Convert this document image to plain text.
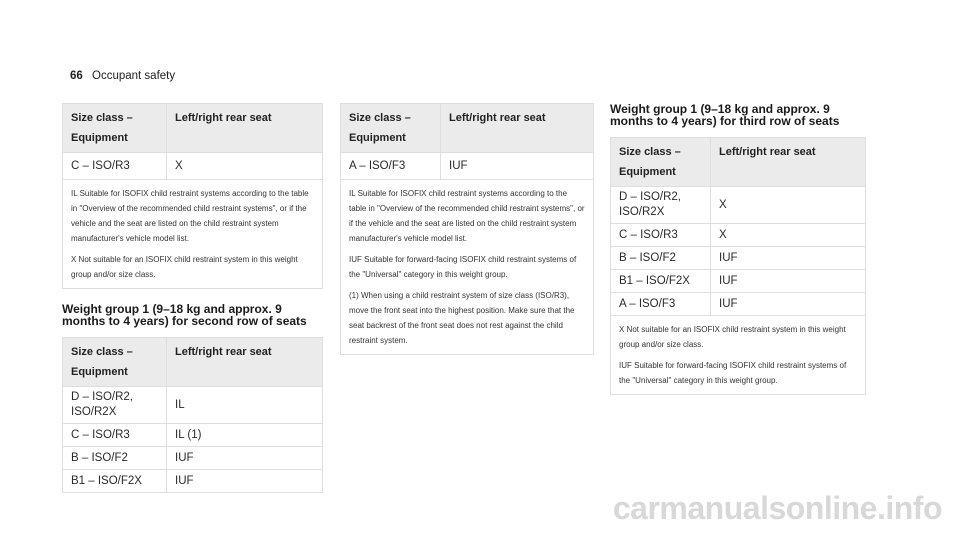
66 Occupant safety
Size class –
Equipment	Left/right rear seat
C – ISO/R3	X

IL Suitable for ISOFIX child restraint systems according to the table in "Overview of the recommended child restraint systems", or if the vehicle and the seat are listed on the child restraint system manufacturer's vehicle model list.

X Not suitable for an ISOFIX child restraint system in this weight group and/or size class.	

Weight group 1 (9–18 kg and approx. 9 months to 4 years) for second row of seats
Size class –
Equipment	Left/right rear seat
D – ISO/R2,
ISO/R2X	IL
C – ISO/R3	IL (1)
B – ISO/F2	IUF
B1 – ISO/F2X	IUF
Size class –
Equipment	Left/right rear seat
A – ISO/F3	IUF

IL Suitable for ISOFIX child restraint systems according to the table in "Overview of the recommended child restraint systems", or if the vehicle and the seat are listed on the child restraint system manufacturer's vehicle model list.

IUF Suitable for forward-facing ISOFIX child restraint systems of the "Universal" category in this weight group.

(1) When using a child restraint system of size class (ISO/R3), move the front seat into the highest position. Make sure that the seat backrest of the front seat does not rest against the child restraint system.	

Weight group 1 (9–18 kg and approx. 9 months to 4 years) for third row of seats
Size class –
Equipment	Left/right rear seat
D – ISO/R2,
ISO/R2X	X
C – ISO/R3	X
B – ISO/F2	IUF
B1 – ISO/F2X	IUF
A – ISO/F3	IUF

X Not suitable for an ISOFIX child restraint system in this weight group and/or size class.

IUF Suitable for forward-facing ISOFIX child restraint systems of the "Universal" category in this weight group.	

carmanualsonline.info
